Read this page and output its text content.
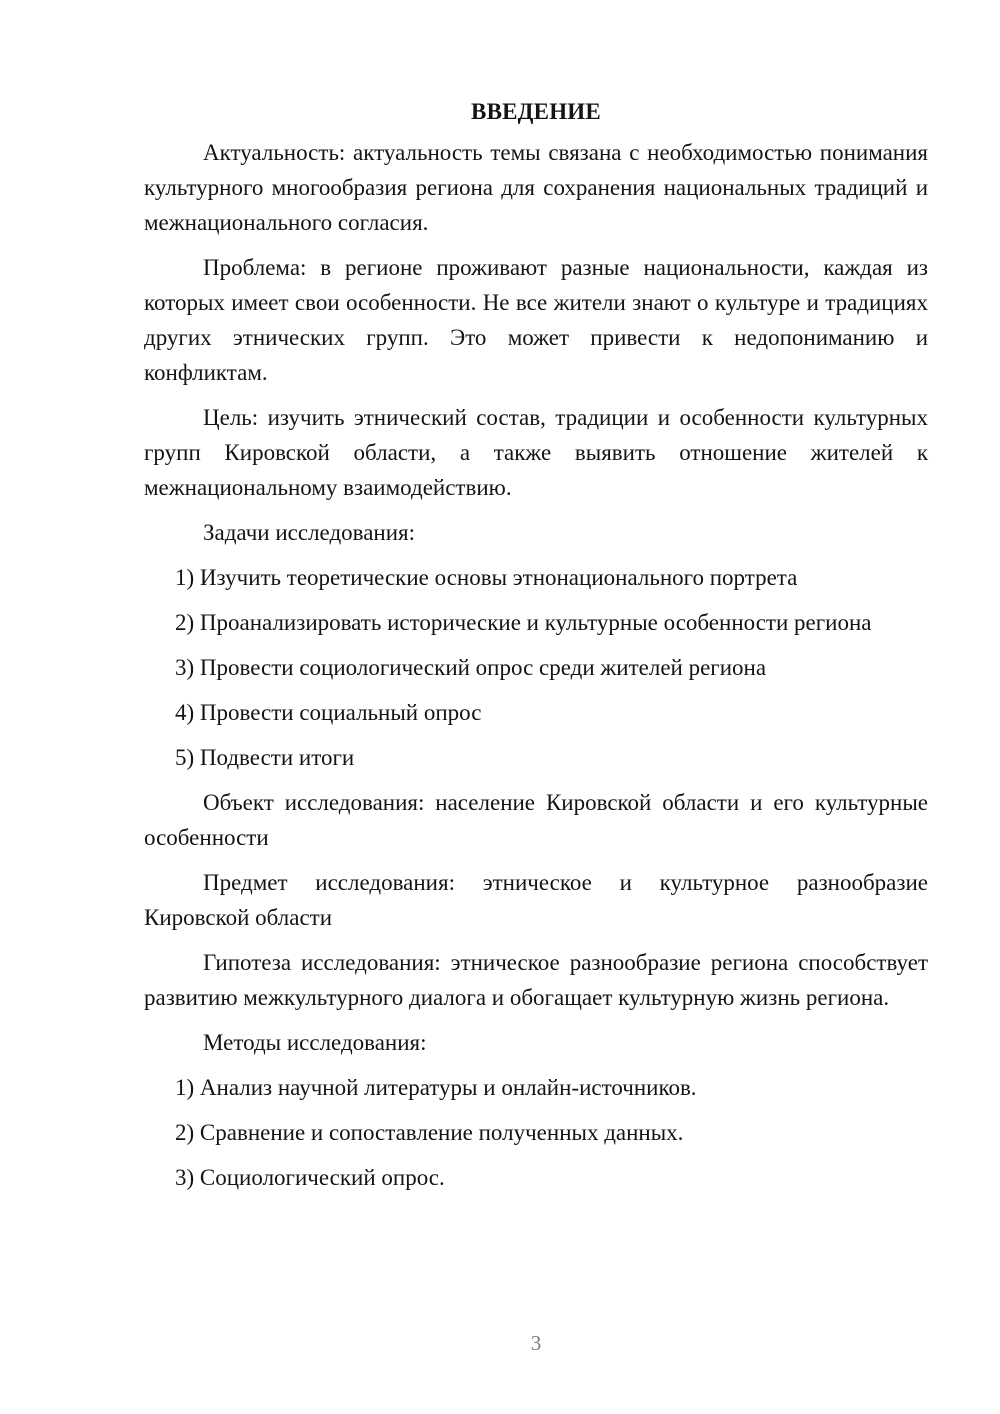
ВВЕДЕНИЕ

Актуальность: актуальность темы связана с необходимостью понимания культурного многообразия региона для сохранения национальных традиций и межнационального согласия.

Проблема: в регионе проживают разные национальности, каждая из которых имеет свои особенности. Не все жители знают о культуре и традициях других этнических групп. Это может привести к недопониманию и конфликтам.

Цель: изучить этнический состав, традиции и особенности культурных групп Кировской области, а также выявить отношение жителей к межнациональному взаимодействию.

Задачи исследования:

1) Изучить теоретические основы этнонационального портрета

2) Проанализировать исторические и культурные особенности региона

3) Провести социологический опрос среди жителей региона

4) Провести социальный опрос

5) Подвести итоги

Объект исследования: население Кировской области и его культурные особенности

Предмет исследования: этническое и культурное разнообразие Кировской области

Гипотеза исследования: этническое разнообразие региона способствует развитию межкультурного диалога и обогащает культурную жизнь региона.

Методы исследования:

1) Анализ научной литературы и онлайн-источников.

2) Сравнение и сопоставление полученных данных.

3) Социологический опрос.

3
